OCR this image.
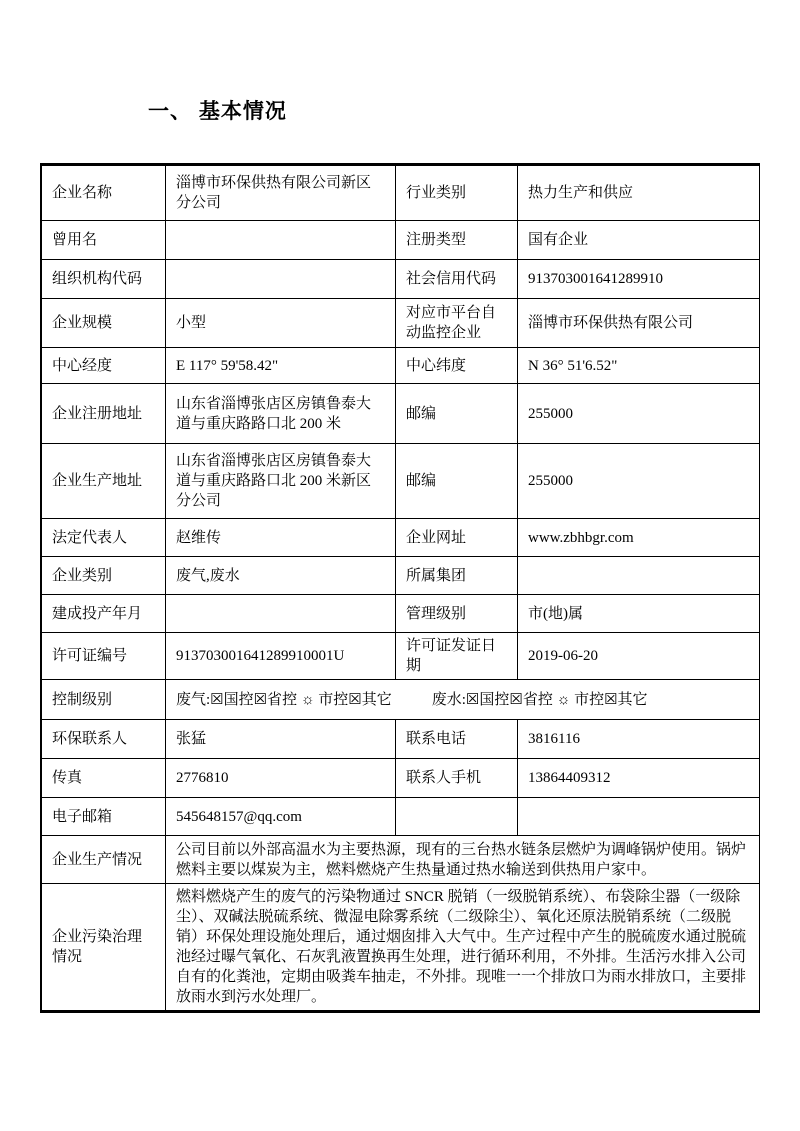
一、 基本情况
企业名称	淄博市环保供热有限公司新区分公司	行业类别	热力生产和供应
曾用名		注册类型	国有企业
组织机构代码		社会信用代码	913703001641289910
企业规模	小型	对应市平台自动监控企业	淄博市环保供热有限公司
中心经度	E 117° 59'58.42"	中心纬度	N 36° 51'6.52"
企业注册地址	山东省淄博张店区房镇鲁泰大道与重庆路路口北 200 米	邮编	255000
企业生产地址	山东省淄博张店区房镇鲁泰大道与重庆路路口北 200 米新区分公司	邮编	255000
法定代表人	赵维传	企业网址	www.zbhbgr.com
企业类别	废气,废水	所属集团	
建成投产年月		管理级别	市(地)属
许可证编号	913703001641289910001U	许可证发证日期	2019-06-20
控制级别	废气:☒国控☒省控 ☼ 市控☒其它 废水:☒国控☒省控 ☼ 市控☒其它		
环保联系人	张猛	联系电话	3816116
传真	2776810	联系人手机	13864409312
电子邮箱	545648157@qq.com		
企业生产情况	公司目前以外部高温水为主要热源，现有的三台热水链条层燃炉为调峰锅炉使用。锅炉燃料主要以煤炭为主，燃料燃烧产生热量通过热水输送到供热用户家中。		
企业污染治理情况	燃料燃烧产生的废气的污染物通过 SNCR 脱销（一级脱销系统）、布袋除尘器（一级除尘）、双碱法脱硫系统、微湿电除雾系统（二级除尘）、氧化还原法脱销系统（二级脱销）环保处理设施处理后，通过烟囱排入大气中。生产过程中产生的脱硫废水通过脱硫池经过曝气氧化、石灰乳液置换再生处理，进行循环利用，不外排。生活污水排入公司自有的化粪池，定期由吸粪车抽走，不外排。现唯一一个排放口为雨水排放口，主要排放雨水到污水处理厂。		
